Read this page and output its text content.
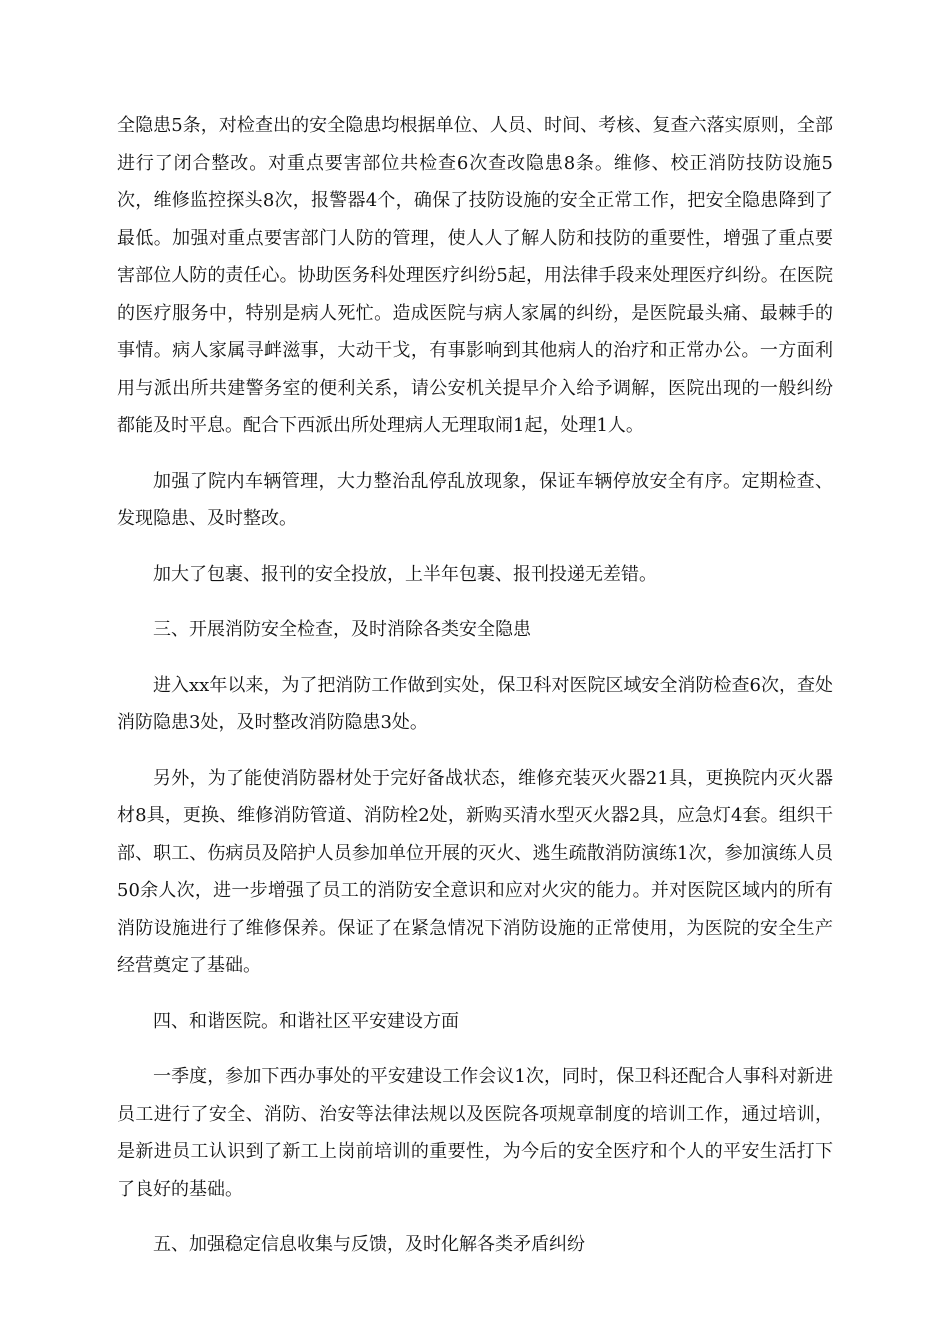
全隐患5条，对检查出的安全隐患均根据单位、人员、时间、考核、复查六落实原则，全部进行了闭合整改。对重点要害部位共检查6次查改隐患8条。维修、校正消防技防设施5次，维修监控探头8次，报警器4个，确保了技防设施的安全正常工作，把安全隐患降到了最低。加强对重点要害部门人防的管理，使人人了解人防和技防的重要性，增强了重点要害部位人防的责任心。协助医务科处理医疗纠纷5起，用法律手段来处理医疗纠纷。在医院的医疗服务中，特别是病人死忙。造成医院与病人家属的纠纷，是医院最头痛、最棘手的事情。病人家属寻衅滋事，大动干戈，有事影响到其他病人的治疗和正常办公。一方面利用与派出所共建警务室的便利关系，请公安机关提早介入给予调解，医院出现的一般纠纷都能及时平息。配合下西派出所处理病人无理取闹1起，处理1人。

加强了院内车辆管理，大力整治乱停乱放现象，保证车辆停放安全有序。定期检查、发现隐患、及时整改。

加大了包裹、报刊的安全投放，上半年包裹、报刊投递无差错。

三、开展消防安全检查，及时消除各类安全隐患

进入xx年以来，为了把消防工作做到实处，保卫科对医院区域安全消防检查6次，查处消防隐患3处，及时整改消防隐患3处。

另外，为了能使消防器材处于完好备战状态，维修充装灭火器21具，更换院内灭火器材8具，更换、维修消防管道、消防栓2处，新购买清水型灭火器2具，应急灯4套。组织干部、职工、伤病员及陪护人员参加单位开展的灭火、逃生疏散消防演练1次，参加演练人员50余人次，进一步增强了员工的消防安全意识和应对火灾的能力。并对医院区域内的所有消防设施进行了维修保养。保证了在紧急情况下消防设施的正常使用，为医院的安全生产经营奠定了基础。

四、和谐医院。和谐社区平安建设方面

一季度，参加下西办事处的平安建设工作会议1次，同时，保卫科还配合人事科对新进员工进行了安全、消防、治安等法律法规以及医院各项规章制度的培训工作，通过培训，是新进员工认识到了新工上岗前培训的重要性，为今后的安全医疗和个人的平安生活打下了良好的基础。

五、加强稳定信息收集与反馈，及时化解各类矛盾纠纷
